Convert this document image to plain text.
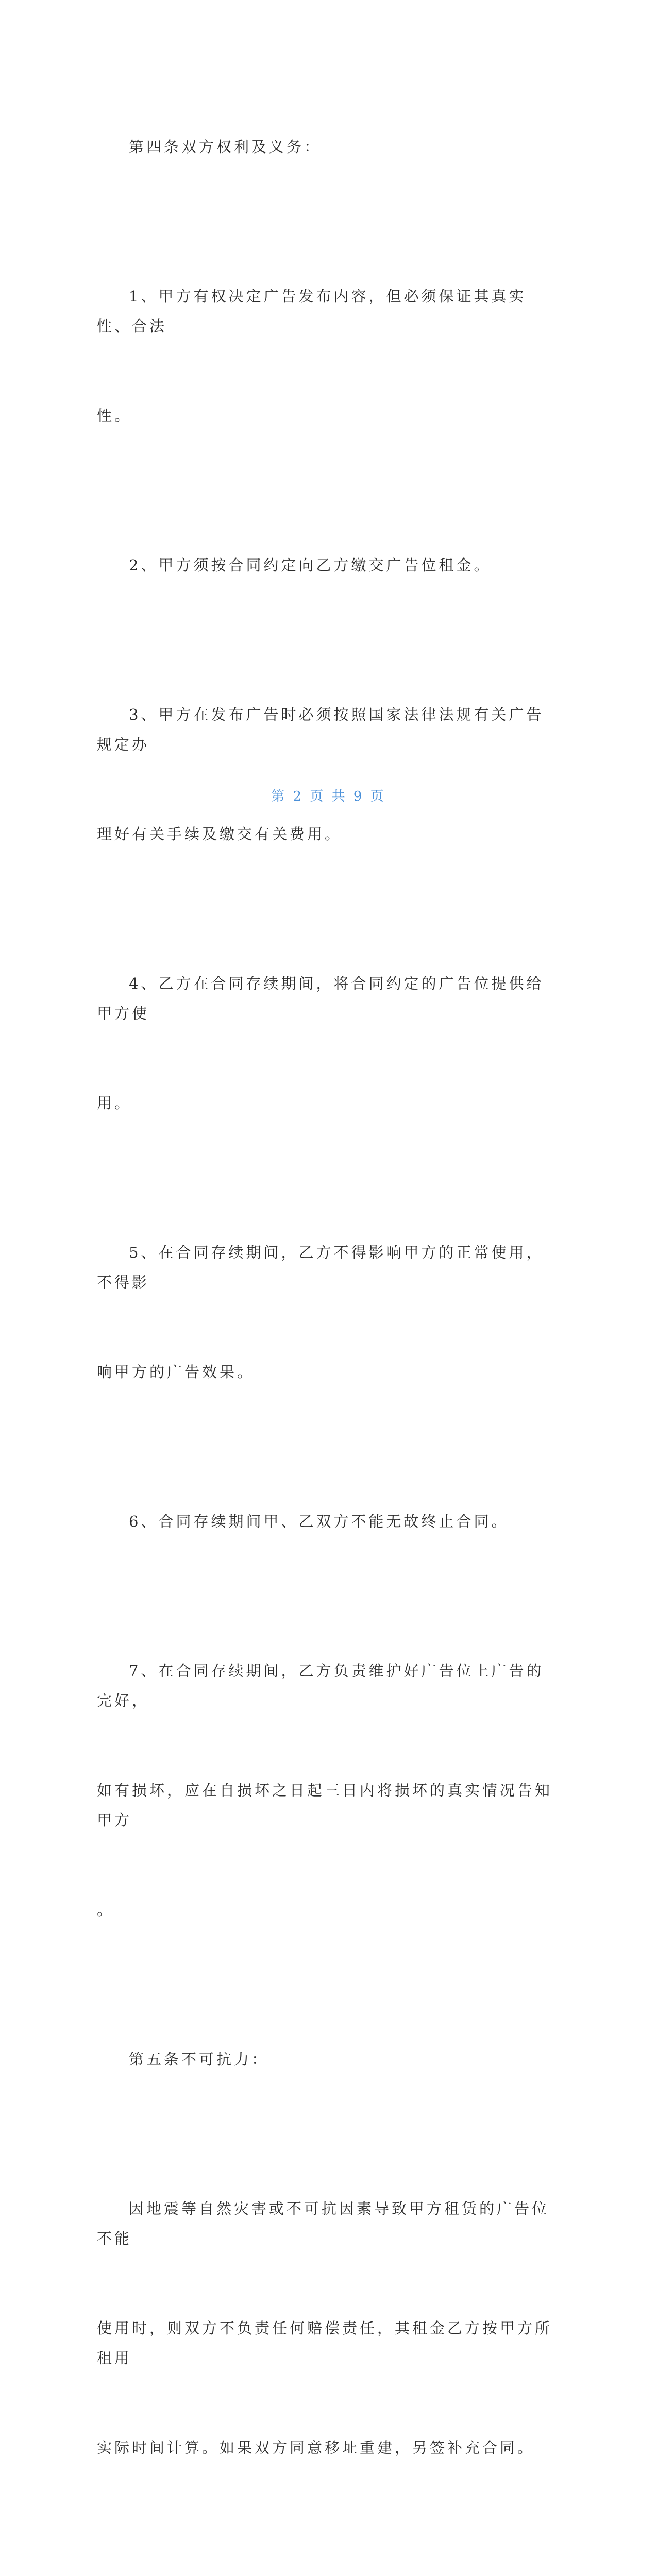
第四条双方权利及义务：

1、甲方有权决定广告发布内容，但必须保证其真实性、合法

性。

2、甲方须按合同约定向乙方缴交广告位租金。

3、甲方在发布广告时必须按照国家法律法规有关广告规定办

理好有关手续及缴交有关费用。

4、乙方在合同存续期间，将合同约定的广告位提供给甲方使

用。

5、在合同存续期间，乙方不得影响甲方的正常使用，不得影

响甲方的广告效果。

6、合同存续期间甲、乙双方不能无故终止合同。

7、在合同存续期间，乙方负责维护好广告位上广告的完好，

如有损坏，应在自损坏之日起三日内将损坏的真实情况告知甲方

。

第五条不可抗力：

因地震等自然灾害或不可抗因素导致甲方租赁的广告位不能

使用时，则双方不负责任何赔偿责任，其租金乙方按甲方所租用

实际时间计算。如果双方同意移址重建，另签补充合同。

第 2 页 共 9 页
